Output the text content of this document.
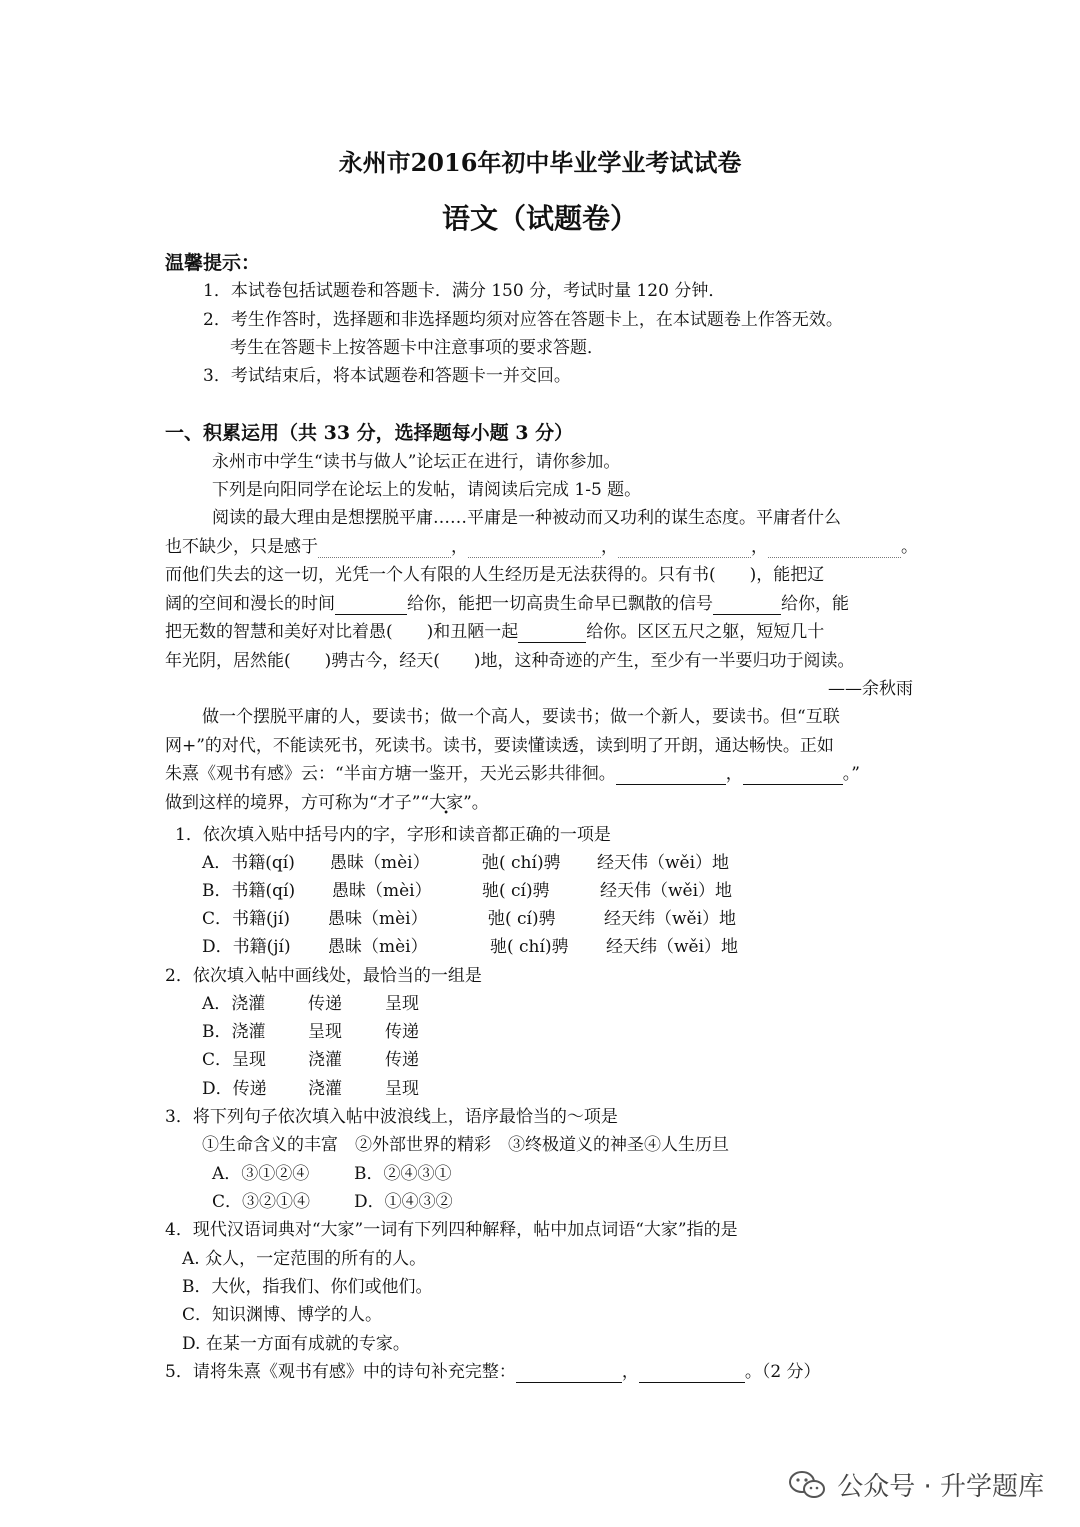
永州市2016年初中毕业学业考试试卷
语文（试题卷）
温馨提示：
1．本试卷包括试题卷和答题卡．满分 150 分，考试时量 120 分钟．
2．考生作答时，选择题和非选择题均须对应答在答题卡上，在本试题卷上作答无效。
考生在答题卡上按答题卡中注意事项的要求答题．
3．考试结束后，将本试题卷和答题卡一并交回。
一、积累运用（共 33 分，选择题每小题 3 分）
永州市中学生“读书与做人”论坛正在进行，请你参加。
下列是向阳同学在论坛上的发帖，请阅读后完成 1-5 题。
阅读的最大理由是想摆脱平庸……平庸是一种被动而又功利的谋生态度。平庸者什么
也不缺少，只是感于	，	，	，	。
而他们失去的这一切，光凭一个人有限的人生经历是无法获得的。只有书(　　)，能把辽
阔的空间和漫长的时间	给你，能把一切高贵生命早已飘散的信号	给你，能
把无数的智慧和美好对比着愚(　　)和丑陋一起	给你。区区五尺之躯，短短几十
年光阴，居然能(　　)骋古今，经天(　　)地，这种奇迹的产生，至少有一半要归功于阅读。
——余秋雨
做一个摆脱平庸的人，要读书；做一个高人，要读书；做一个新人，要读书。但“互联
网+”的对代，不能读死书，死读书。读书，要读懂读透，读到明了开朗，通达畅快。正如
朱熹《观书有感》云：“半亩方塘一鉴开，天光云影共徘徊。	，	。”
做到这样的境界，方可称为“才子”“大家”。
1．依次填入贴中括号内的字，字形和读音都正确的一项是
A．书籍(qí) 愚昧（mèi）	弛( chí)骋 经天伟（wěi）地
B．书籍(qí) 愚昧（mèi）	驰( cí)骋	经天伟（wěi）地
C．书籍(jí) 愚味（mèi）	弛( cí)骋	经天纬（wěi）地
D．书籍(jí) 愚昧（mèi）	驰( chí)骋 经天纬（wěi）地
2．依次填入帖中画线处，最恰当的一组是
A．浇灌	传递	呈现
B．浇灌	呈现	传递
C．呈现 浇灌	传递
D．传递 浇灌	呈现
3．将下列句子依次填入帖中波浪线上，语序最恰当的～项是
①生命含义的丰富　②外部世界的精彩　③终极道义的神圣④人生历旦
A．③①②④	B．②④③①
C．③②①④	D．①④③②
4．现代汉语词典对“大家”一词有下列四种解释，帖中加点词语“大家”指的是
A. 众人，一定范围的所有的人。
B．大伙，指我们、你们或他们。
C．知识渊博、博学的人。
D. 在某一方面有成就的专家。
5．请将朱熹《观书有感》中的诗句补充完整：	，	。（2 分）
公众号 · 升学题库
